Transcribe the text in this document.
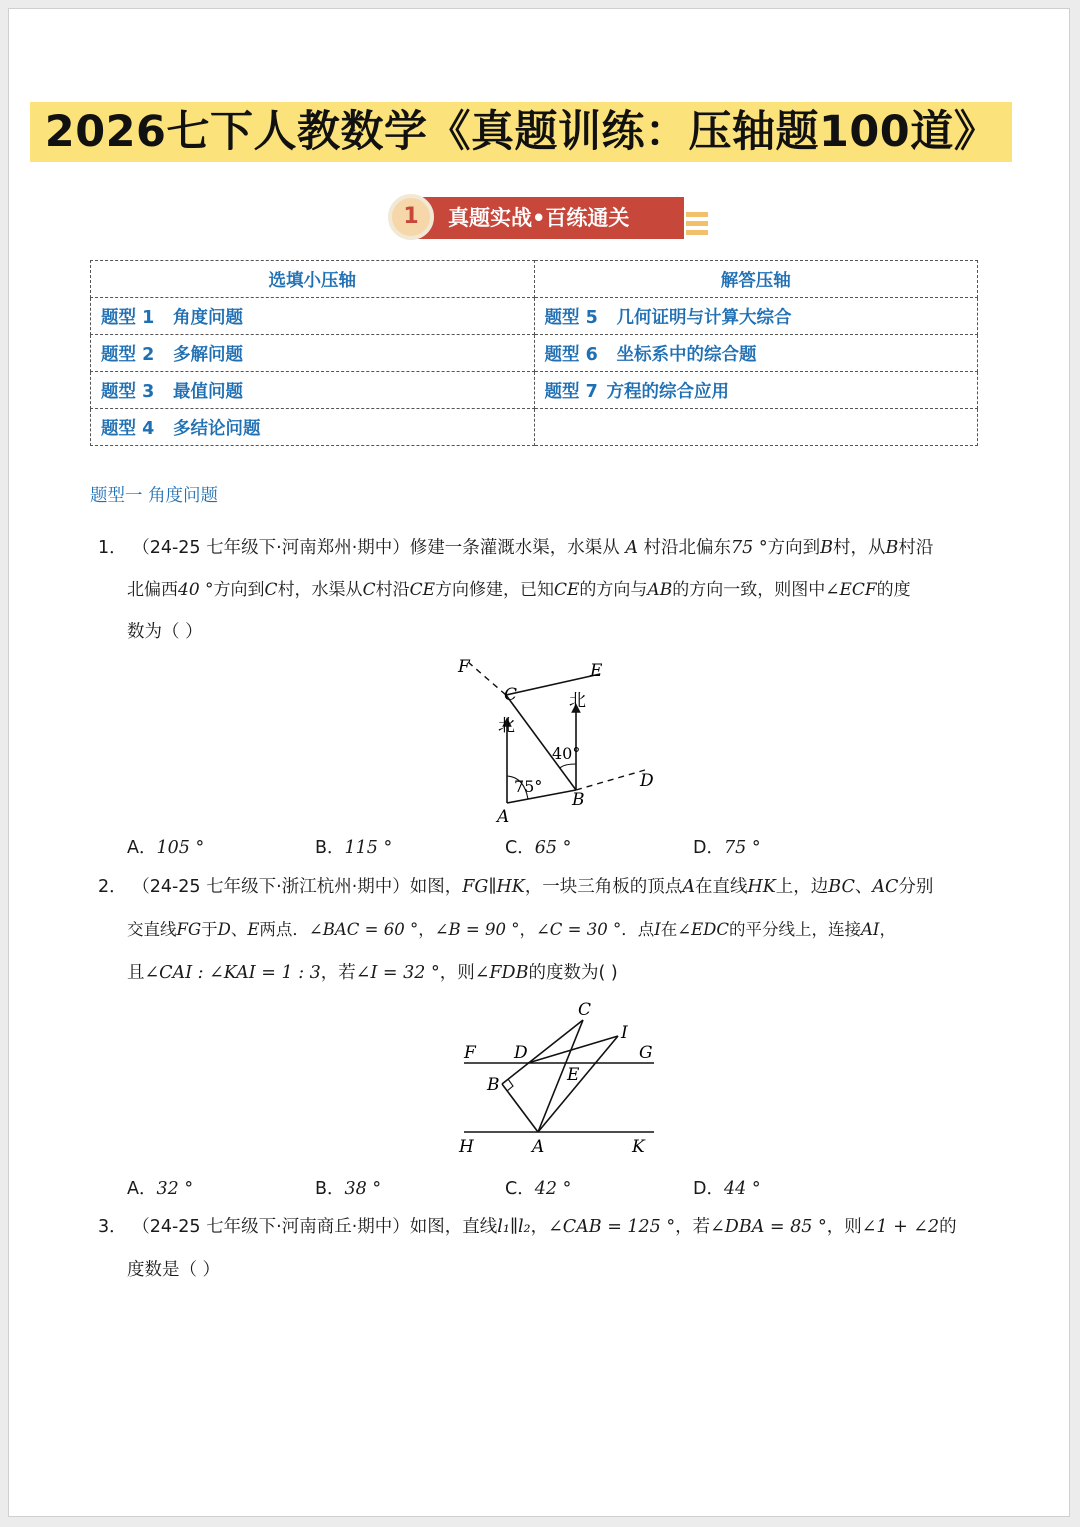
2026七下人教数学《真题训练：压轴题100道》
1	真题实战•百练通关
选填小压轴	解答压轴
题型 1 角度问题	题型 5 几何证明与计算大综合
题型 2 多解问题	题型 6 坐标系中的综合题
题型 3 最值问题	题型 7 方程的综合应用
题型 4 多结论问题	
题型一 角度问题
1． （24-25 七年级下·河南郑州·期中）修建一条灌溉水渠，水渠从 A 村沿北偏东75 °方向到B村，从B村沿
北偏西40 °方向到C村，水渠从C村沿CE方向修建，已知CE的方向与AB的方向一致，则图中∠ECF的度
数为（ ）
F	E
C
北
北
40°
75°
B
D
A
A．105 °	B．115 °	C．65 °	D．75 °
2． （24-25 七年级下·浙江杭州·期中）如图，FG∥HK，一块三角板的顶点A在直线HK上，边BC、AC分别
交直线FG于D、E两点．∠BAC = 60 °，∠B = 90 °，∠C = 30 °．点I在∠EDC的平分线上，连接AI，
且∠CAI : ∠KAI = 1 : 3，若∠I = 32 °，则∠FDB的度数为( )
C
I
F D	G
B	E
H	A	K
A．32 °	B．38 °	C．42 °	D．44 °
3． （24-25 七年级下·河南商丘·期中）如图，直线l₁∥l₂，∠CAB = 125 °，若∠DBA = 85 °，则∠1 + ∠2的
度数是（ ）
